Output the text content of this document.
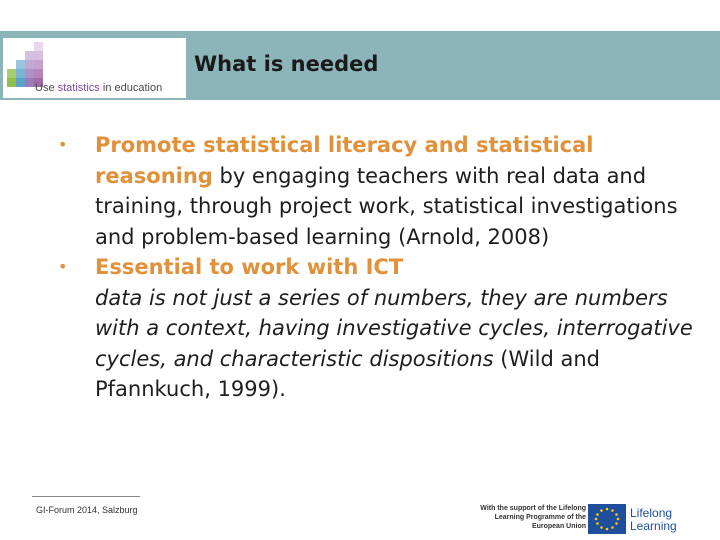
Use statistics in education
What is needed
• Promote statistical literacy and statistical reasoning by engaging teachers with real data and training, through project work, statistical investigations and problem-based learning (Arnold, 2008)
• Essential to work with ICT
data is not just a series of numbers, they are numbers with a context, having investigative cycles, interrogative cycles, and characteristic dispositions (Wild and Pfannkuch, 1999).
GI-Forum 2014, Salzburg	With the support of the Lifelong
Learning Programme of the
European Union
Lifelong
Learning
